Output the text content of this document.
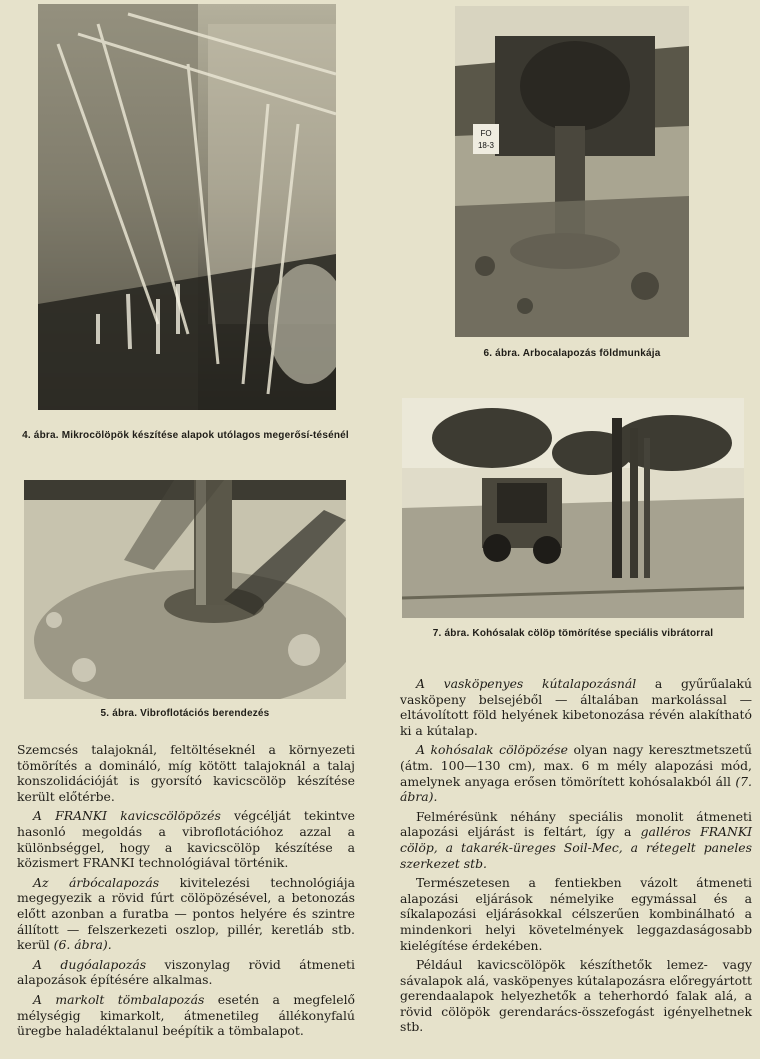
4. ábra. Mikrocölöpök készítése alapok utólagos megerősí-tésénél
FO
18-3
6. ábra. Arbocalapozás földmunkája
5. ábra. Vibroflotációs berendezés
7. ábra. Kohósalak cölöp tömörítése speciális vibrátorral

Szemcsés talajoknál, feltöltéseknél a környezeti tömörítés a domináló, míg kötött talajoknál a talaj konszolidációját is gyorsító kavicscölöp készítése került előtérbe.

A FRANKI kavicscölöpözés végcélját tekintve hasonló megoldás a vibroflotációhoz azzal a különbséggel, hogy a kavicscölöp készítése a közismert FRANKI technológiával történik.

Az árbócalapozás kivitelezési technológiája megegyezik a rövid fúrt cölöpözésével, a betonozás előtt azonban a furatba — pontos helyére és szintre állított — felszerkezeti oszlop, pillér, keretláb stb. kerül (6. ábra).

A dugóalapozás viszonylag rövid átmeneti alapozások építésére alkalmas.

A markolt tömbalapozás esetén a megfelelő mélységig kimarkolt, átmenetileg állékonyfalú üregbe haladéktalanul beépítik a tömbalapot.

A vasköpenyes kútalapozásnál a gyűrűalakú vasköpeny belsejéből — általában markolással — eltávolított föld helyének kibetonozása révén alakítható ki a kútalap.

A kohósalak cölöpözése olyan nagy keresztmetszetű (átm. 100—130 cm), max. 6 m mély alapozási mód, amelynek anyaga erősen tömörített kohósalakból áll (7. ábra).

Felmérésünk néhány speciális monolit átmeneti alapozási eljárást is feltárt, így a galléros FRANKI cölöp, a takarék-üreges Soil-Mec, a rétegelt paneles szerkezet stb.

Természetesen a fentiekben vázolt átmeneti alapozási eljárások némelyike egymással és a síkalapozási eljárásokkal célszerűen kombinálható a mindenkori helyi követelmények leggazdaságosabb kielégítése érdekében.

Például kavicscölöpök készíthetők lemez- vagy sávalapok alá, vasköpenyes kútalapozásra előregyártott gerendaalapok helyezhetők a teherhordó falak alá, a rövid cölöpök gerendarács-összefogást igényelhetnek stb.
